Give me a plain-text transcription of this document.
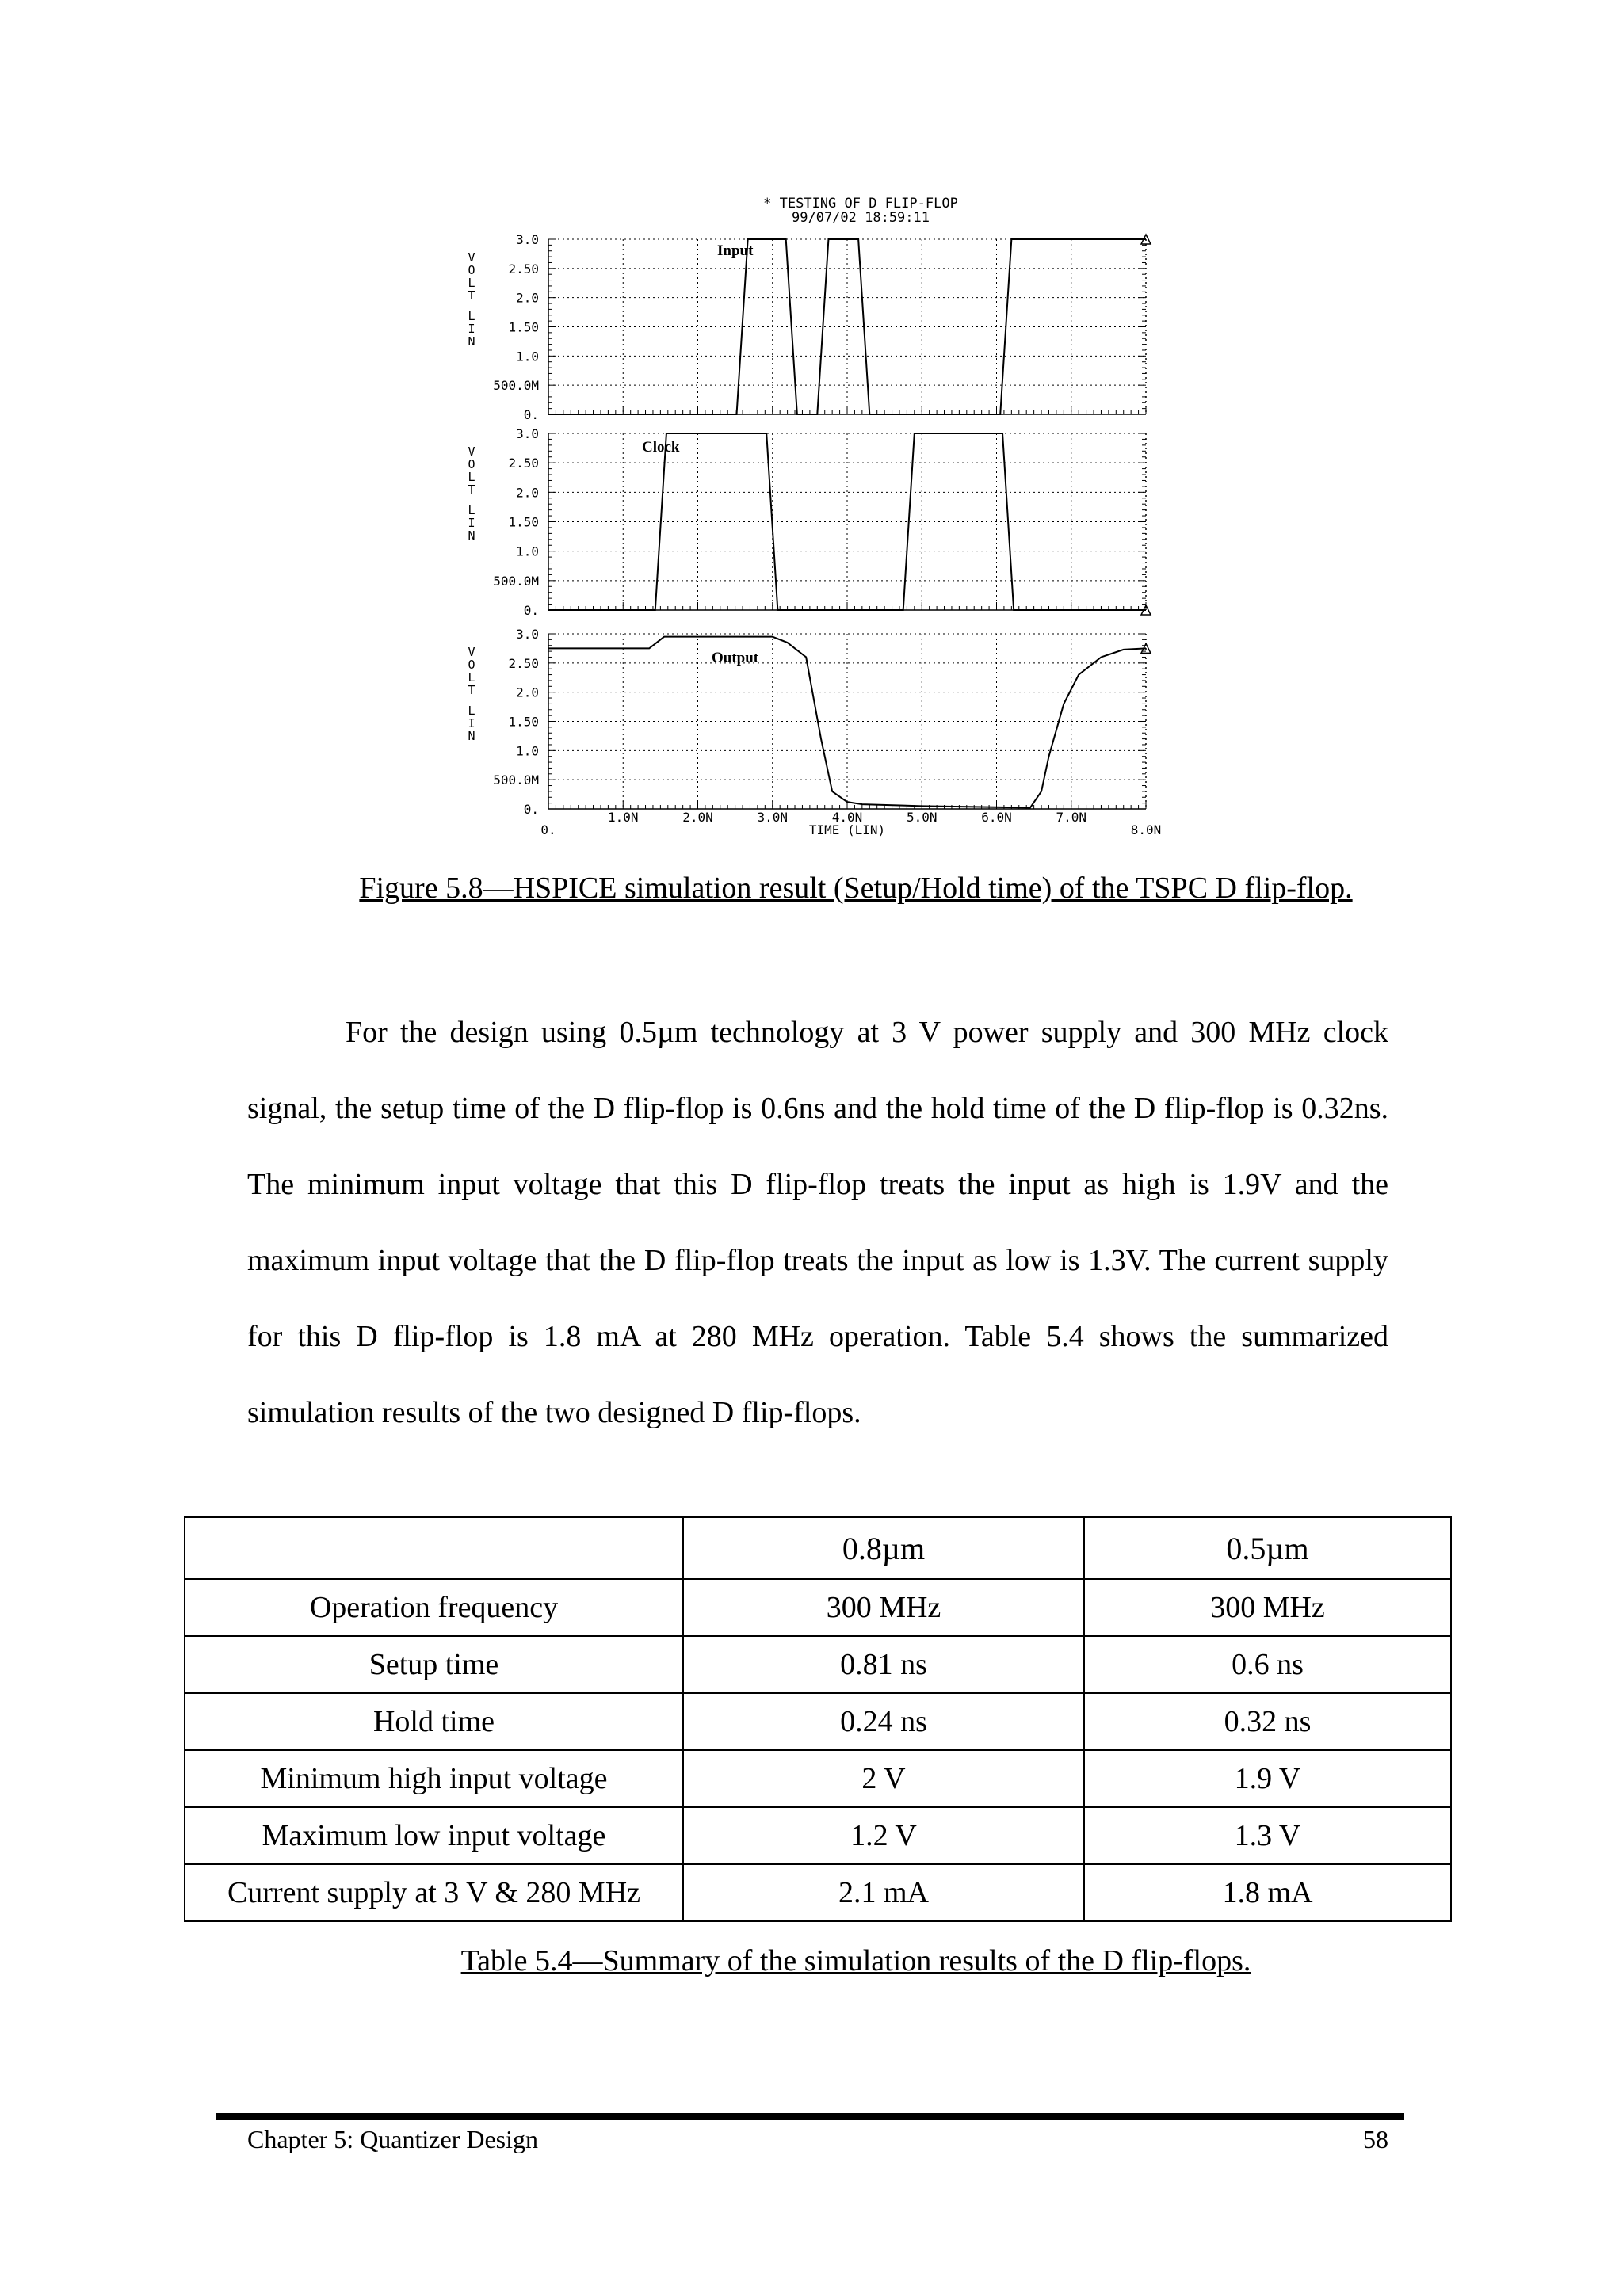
* TESTING OF D FLIP-FLOP
99/07/02 18:59:11
0.
500.0M
1.0
1.50
2.0
2.50
3.0
V
O
L
T
L
I
N
Input
0.
500.0M
1.0
1.50
2.0
2.50
3.0
V
O
L
T
L
I
N
Clock
0.
500.0M
1.0
1.50
2.0
2.50
3.0
V
O
L
T
L
I
N
Output
0.
1.0N	2.0N	3.0N	4.0N	5.0N	6.0N	7.0N
8.0N
TIME (LIN)
Figure 5.8—HSPICE simulation result (Setup/Hold time) of the TSPC D flip-flop.
For the design using 0.5µm technology at 3 V power supply and 300 MHz clock signal, the setup time of the D flip-flop is 0.6ns and the hold time of the D flip-flop is 0.32ns. The minimum input voltage that this D flip-flop treats the input as high is 1.9V and the maximum input voltage that the D flip-flop treats the input as low is 1.3V. The current supply for this D flip-flop is 1.8 mA at 280 MHz operation. Table 5.4 shows the summarized simulation results of the two designed D flip-flops.
	0.8µm	0.5µm
Operation frequency	300 MHz	300 MHz
Setup time	0.81 ns	0.6 ns
Hold time	0.24 ns	0.32 ns
Minimum high input voltage	2 V	1.9 V
Maximum low input voltage	1.2 V	1.3 V
Current supply at 3 V & 280 MHz	2.1 mA	1.8 mA
Table 5.4—Summary of the simulation results of the D flip-flops.
Chapter 5: Quantizer Design	58
